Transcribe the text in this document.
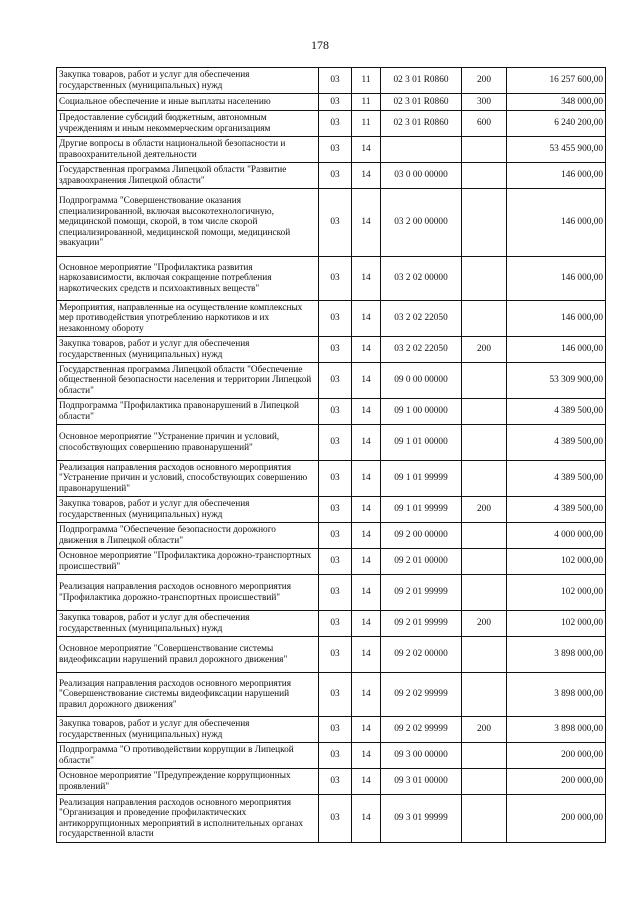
178
Закупка товаров, работ и услуг для обеспечения государственных (муниципальных) нужд	03	11	02 3 01 R0860	200	16 257 600,00
Социальное обеспечение и иные выплаты населению	03	11	02 3 01 R0860	300	348 000,00
Предоставление субсидий бюджетным, автономным учреждениям и иным некоммерческим организациям	03	11	02 3 01 R0860	600	6 240 200,00
Другие вопросы в области национальной безопасности и правоохранительной деятельности	03	14			53 455 900,00
Государственная программа Липецкой области "Развитие здравоохранения Липецкой области"	03	14	03 0 00 00000		146 000,00
Подпрограмма "Совершенствование оказания специализированной, включая высокотехнологичную, медицинской помощи, скорой, в том числе скорой специализированной, медицинской помощи, медицинской эвакуации"	03	14	03 2 00 00000		146 000,00
Основное мероприятие "Профилактика развития наркозависимости, включая сокращение потребления наркотических средств и психоактивных веществ"	03	14	03 2 02 00000		146 000,00
Мероприятия, направленные на осуществление комплексных мер противодействия употреблению наркотиков и их незаконному обороту	03	14	03 2 02 22050		146 000,00
Закупка товаров, работ и услуг для обеспечения государственных (муниципальных) нужд	03	14	03 2 02 22050	200	146 000,00
Государственная программа Липецкой области "Обеспечение общественной безопасности населения и территории Липецкой области"	03	14	09 0 00 00000		53 309 900,00
Подпрограмма "Профилактика правонарушений в Липецкой области"	03	14	09 1 00 00000		4 389 500,00
Основное мероприятие "Устранение причин и условий, способствующих совершению правонарушений"	03	14	09 1 01 00000		4 389 500,00
Реализация направления расходов основного мероприятия "Устранение причин и условий, способствующих совершению правонарушений"	03	14	09 1 01 99999		4 389 500,00
Закупка товаров, работ и услуг для обеспечения государственных (муниципальных) нужд	03	14	09 1 01 99999	200	4 389 500,00
Подпрограмма "Обеспечение безопасности дорожного движения в Липецкой области"	03	14	09 2 00 00000		4 000 000,00
Основное мероприятие "Профилактика дорожно-транспортных происшествий"	03	14	09 2 01 00000		102 000,00
Реализация направления расходов основного мероприятия "Профилактика дорожно-транспортных происшествий"	03	14	09 2 01 99999		102 000,00
Закупка товаров, работ и услуг для обеспечения государственных (муниципальных) нужд	03	14	09 2 01 99999	200	102 000,00
Основное мероприятие "Совершенствование системы видеофиксации нарушений правил дорожного движения"	03	14	09 2 02 00000		3 898 000,00
Реализация направления расходов основного мероприятия "Совершенствование системы видеофиксации нарушений правил дорожного движения"	03	14	09 2 02 99999		3 898 000,00
Закупка товаров, работ и услуг для обеспечения государственных (муниципальных) нужд	03	14	09 2 02 99999	200	3 898 000,00
Подпрограмма "О противодействии коррупции в Липецкой области"	03	14	09 3 00 00000		200 000,00
Основное мероприятие "Предупреждение коррупционных проявлений"	03	14	09 3 01 00000		200 000,00
Реализация направления расходов основного мероприятия "Организация и проведение профилактических антикоррупционных мероприятий в исполнительных органах государственной власти	03	14	09 3 01 99999		200 000,00
